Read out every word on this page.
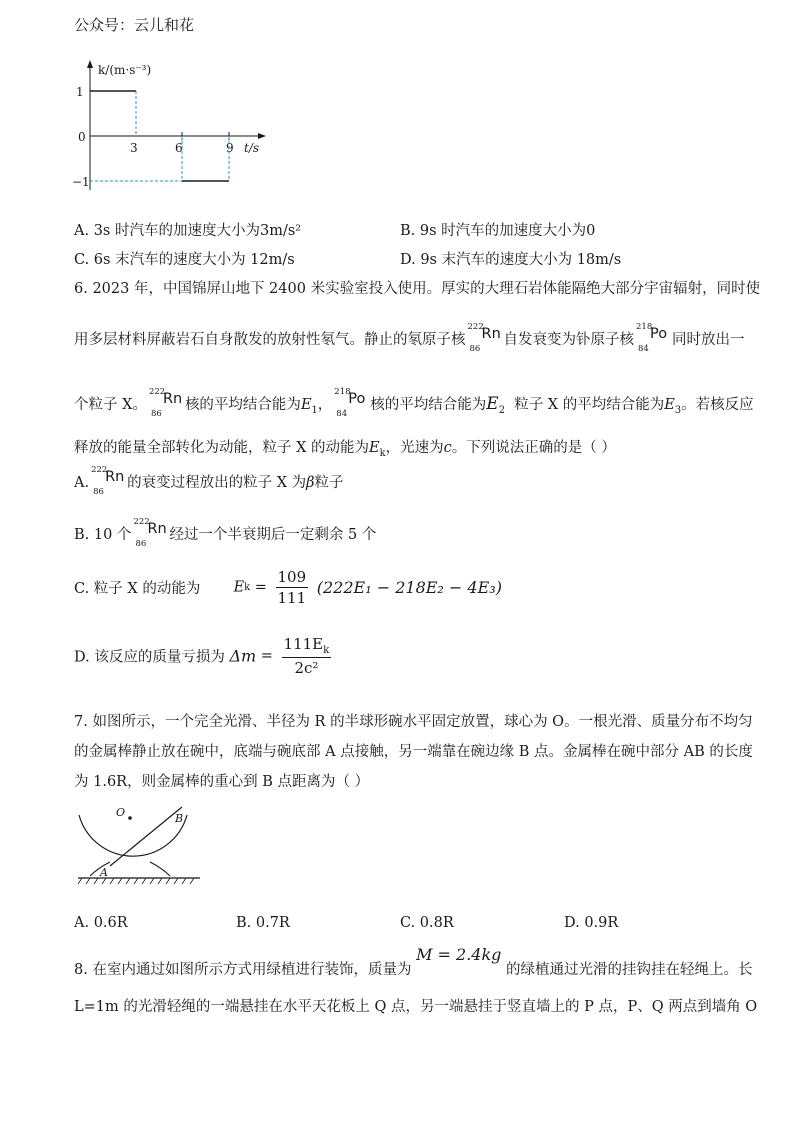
公众号：云儿和花
k/(m·s⁻³)
t/s
1
0
−1
3	6	9
A. 3s 时汽车的加速度大小为3m/s²	B. 9s 时汽车的加速度大小为0
C. 6s 末汽车的速度大小为 12m/s	D. 9s 末汽车的速度大小为 18m/s
6. 2023 年，中国锦屏山地下 2400 米实验室投入使用。厚实的大理石岩体能隔绝大部分宇宙辐射，同时使
用多层材料屏蔽岩石自身散发的放射性氡气。静止的氡原子核
222
86
Rn 自发衰变为钋原子核
218
84
Po 同时放出一
个粒子 X。
222
86
Rn 核的平均结合能为$E_1$，
218
84
Po 核的平均结合能为$E_2$ 粒子 X 的平均结合能为$E_3$。若核反应
释放的能量全部转化为动能，粒子 X 的动能为$E_k$，光速为c。下列说法正确的是（ ）
A.
222
86
Rn 的衰变过程放出的粒子 X 为β粒子
B. 10 个
222
86
Rn 经过一个半衰期后一定剩余 5 个
C. 粒子 X 的动能为 $Ek = \frac{109}{111} (222E_1 - 218E_2 - 4E_3)$
D. 该反应的质量亏损为 $\Delta m = \frac{111E_k}{\text{2c²}}$
7. 如图所示，一个完全光滑、半径为 R 的半球形碗水平固定放置，球心为 O。一根光滑、质量分布不均匀
的金属棒静止放在碗中，底端与碗底部 A 点接触，另一端靠在碗边缘 B 点。金属棒在碗中部分 AB 的长度
为 1.6R，则金属棒的重心到 B 点距离为（ ）
O
A
B
A. 0.6R	B. 0.7R	C. 0.8R	D. 0.9R
8. 在室内通过如图所示方式用绿植进行装饰，质量为 M = 2.4kg 的绿植通过光滑的挂钩挂在轻绳上。长
L=1m 的光滑轻绳的一端悬挂在水平天花板上 Q 点，另一端悬挂于竖直墙上的 P 点，P、Q 两点到墙角 O
